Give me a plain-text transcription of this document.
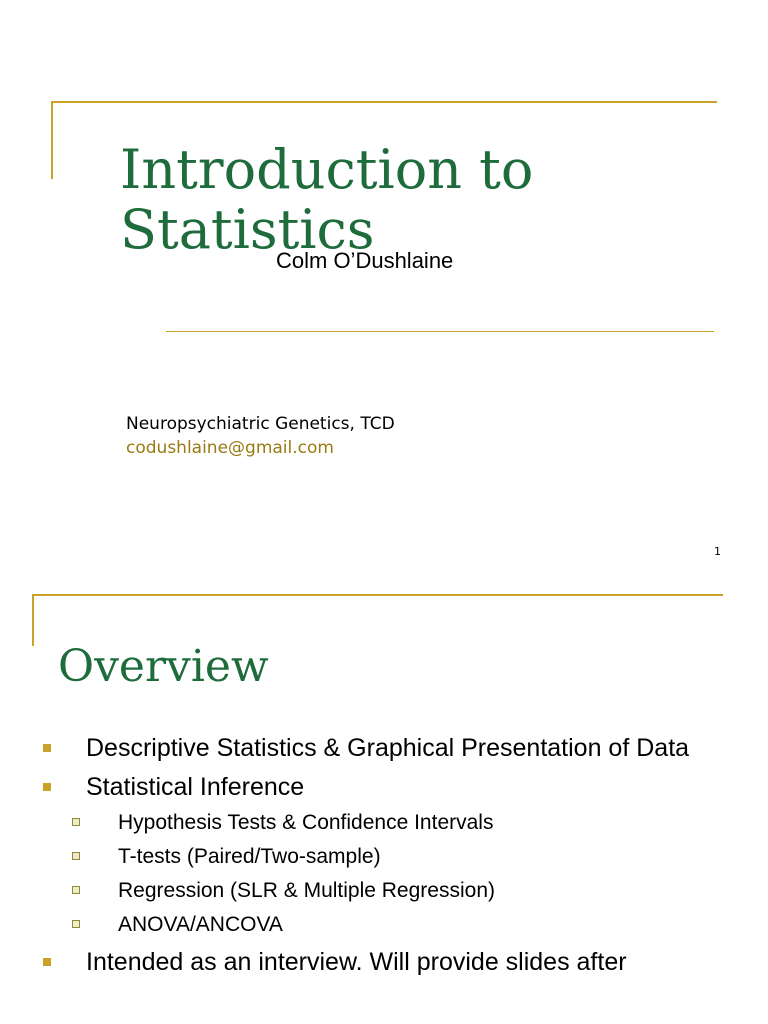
Introduction to
Statistics
Colm O’Dushlaine
Neuropsychiatric Genetics, TCD
codushlaine@gmail.com
1
Overview
Descriptive Statistics & Graphical Presentation of Data
Statistical Inference
Hypothesis Tests & Confidence Intervals
T-tests (Paired/Two-sample)
Regression (SLR & Multiple Regression)
ANOVA/ANCOVA
Intended as an interview. Will provide slides after
